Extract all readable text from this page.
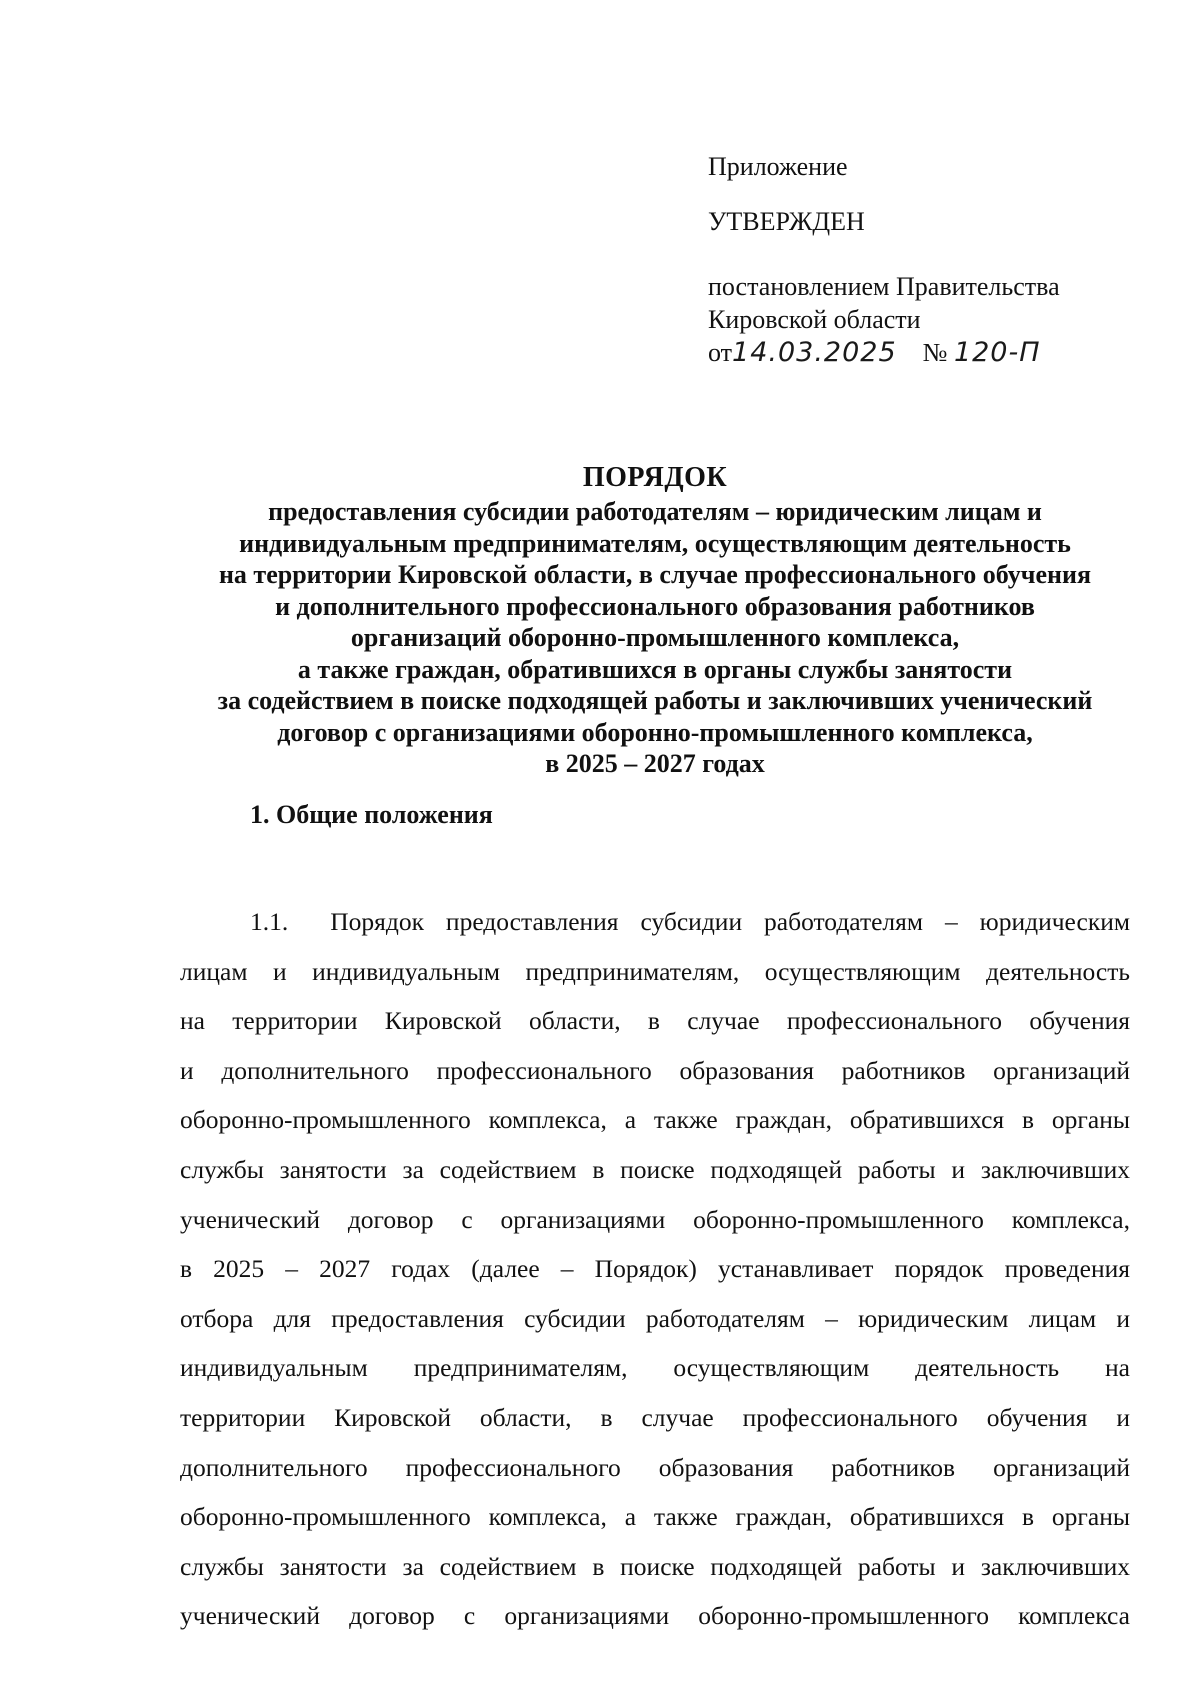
Приложение
УТВЕРЖДЕН
постановлением Правительства
Кировской области
от14.03.2025 № 120-П
ПОРЯДОК
предоставления субсидии работодателям – юридическим лицам и
индивидуальным предпринимателям, осуществляющим деятельность
на территории Кировской области, в случае профессионального обучения
и дополнительного профессионального образования работников
организаций оборонно-промышленного комплекса,
а также граждан, обратившихся в органы службы занятости
за содействием в поиске подходящей работы и заключивших ученический
договор с организациями оборонно-промышленного комплекса,
в 2025 – 2027 годах
1. Общие положения
1.1. Порядок предоставления субсидии работодателям – юридическим
лицам и индивидуальным предпринимателям, осуществляющим деятельность
на территории Кировской области, в случае профессионального обучения
и дополнительного профессионального образования работников организаций
оборонно-промышленного комплекса, а также граждан, обратившихся в органы
службы занятости за содействием в поиске подходящей работы и заключивших
ученический договор с организациями оборонно-промышленного комплекса,
в 2025 – 2027 годах (далее – Порядок) устанавливает порядок проведения
отбора для предоставления субсидии работодателям – юридическим лицам и
индивидуальным предпринимателям, осуществляющим деятельность на
территории Кировской области, в случае профессионального обучения и
дополнительного профессионального образования работников организаций
оборонно-промышленного комплекса, а также граждан, обратившихся в органы
службы занятости за содействием в поиске подходящей работы и заключивших
ученический договор с организациями оборонно-промышленного комплекса
